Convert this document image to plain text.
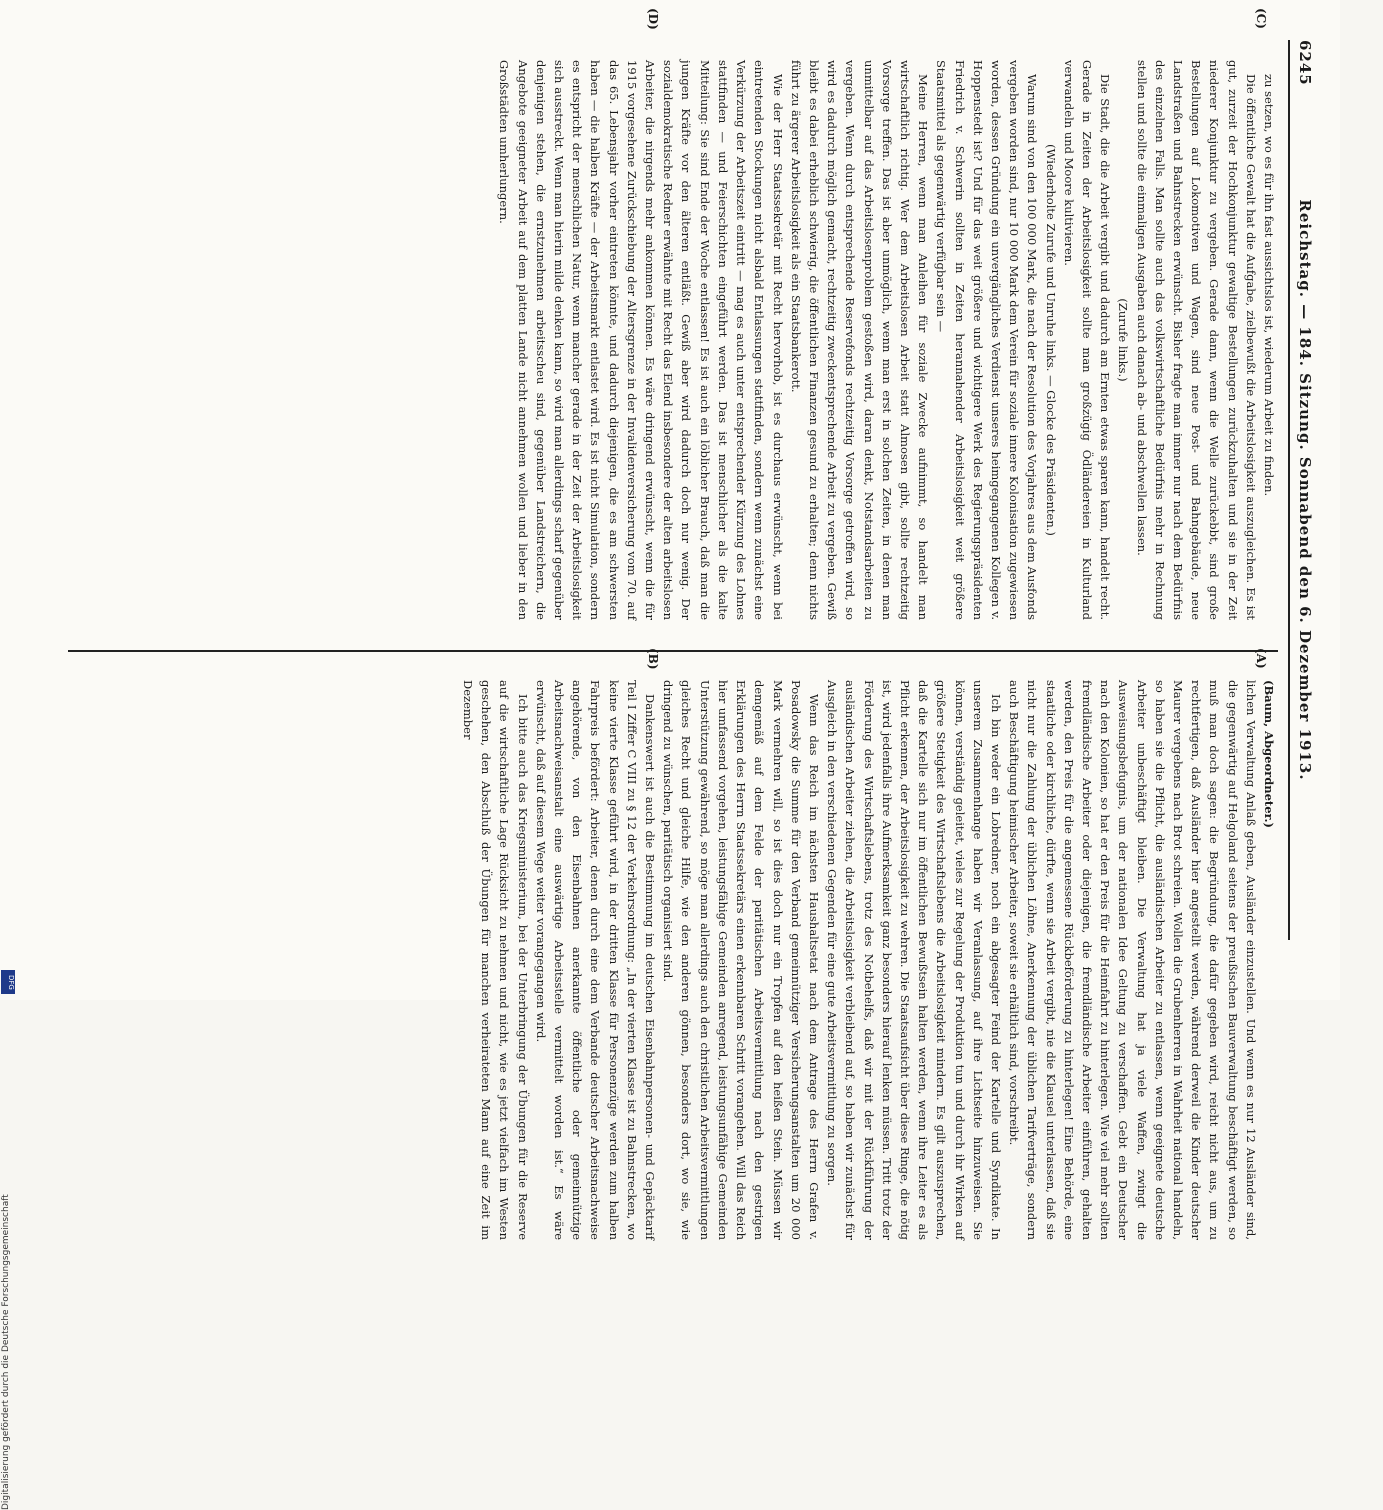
6245
Reichstag. — 184. Sitzung. Sonnabend den 6. Dezember 1913.

zu setzen, wo es für ihn fast aussichtslos ist, wiederum Arbeit zu finden.

Die öffentliche Gewalt hat die Aufgabe, zielbewußt die Arbeitslosigkeit auszugleichen. Es ist gut, zurzeit der Hochkonjunktur gewaltige Bestellungen zurückzuhalten und sie in der Zeit niederer Konjunktur zu vergeben. Gerade dann, wenn die Welle zurückebbt, sind große Bestellungen auf Lokomotiven und Wagen, sind neue Post- und Bahngebäude, neue Landstraßen und Bahnstrecken erwünscht. Bisher fragte man immer nur nach dem Bedürfnis des einzelnen Falls. Man sollte auch das volkswirtschaftliche Bedürfnis mehr in Rechnung stellen und sollte die einmaligen Ausgaben auch danach ab- und abschwellen lassen.

(Zurufe links.)

Die Stadt, die die Arbeit vergibt und dadurch am Ernten etwas sparen kann, handelt recht. Gerade in Zeiten der Arbeitslosigkeit sollte man großzügig Ödländereien in Kulturland verwandeln und Moore kultivieren.

(Wiederholte Zurufe und Unruhe links. — Glocke des Präsidenten.)

Warum sind von den 100 000 Mark, die nach der Resolution des Vorjahres aus dem Ausfonds vergeben worden sind, nur 10 000 Mark dem Verein für soziale innere Kolonisation zugewiesen worden, dessen Gründung ein unvergängliches Verdienst unseres heimgegangenen Kollegen v. Hoppenstedt ist? Und für das weit größere und wichtigere Werk des Regierungspräsidenten Friedrich v. Schwerin sollten in Zeiten herannahender Arbeitslosigkeit weit größere Staatsmittel als gegenwärtig verfügbar sein —

Meine Herren, wenn man Anleihen für soziale Zwecke aufnimmt, so handelt man wirtschaftlich richtig. Wer dem Arbeitslosen Arbeit statt Almosen gibt, sollte rechtzeitig Vorsorge treffen. Das ist aber unmöglich, wenn man erst in solchen Zeiten, in denen man unmittelbar auf das Arbeitslosenproblem gestoßen wird, daran denkt, Notstandsarbeiten zu vergeben. Wenn durch entsprechende Reservefonds rechtzeitig Vorsorge getroffen wird, so wird es dadurch möglich gemacht, rechtzeitig zweckentsprechende Arbeit zu vergeben. Gewiß bleibt es dabei erheblich schwierig, die öffentlichen Finanzen gesund zu erhalten; denn nichts führt zu ärgerer Arbeitslosigkeit als ein Staatsbankerott.

Wie der Herr Staatssekretär mit Recht hervorhob, ist es durchaus erwünscht, wenn bei eintretenden Stockungen nicht alsbald Entlassungen stattfinden, sondern wenn zunächst eine Verkürzung der Arbeitszeit eintritt — mag es auch unter entsprechender Kürzung des Lohnes stattfinden — und Feierschichten eingeführt werden. Das ist menschlicher als die kalte Mitteilung: Sie sind Ende der Woche entlassen! Es ist auch ein löblicher Brauch, daß man die jungen Kräfte vor den älteren entläßt. Gewiß aber wird dadurch doch nur wenig. Der sozialdemokratische Redner erwähnte mit Recht das Elend insbesondere der alten arbeitslosen Arbeiter, die nirgends mehr ankommen können. Es wäre dringend erwünscht, wenn die für 1915 vorgesehene Zurückschiebung der Altersgrenze in der Invalidenversicherung vom 70. auf das 65. Lebensjahr vorher eintreten könnte, und dadurch diejenigen, die es am schwersten haben — die halben Kräfte — der Arbeitsmarkt entlastet wird. Es ist nicht Simulation, sondern es entspricht der menschlichen Natur, wenn mancher gerade in der Zeit der Arbeitslosigkeit sich ausstreckt. Wenn man hierin milde denken kann, so wird man allerdings scharf gegenüber denjenigen stehen, die ernstzunehmen arbeitsscheu sind, gegenüber Landstreichern, die Angebote geeigneter Arbeit auf dem platten Lande nicht annehmen wollen und lieber in den Großstädten umherlungern.

(Baum, Abgeordneter.)

lichen Verwaltung Anlaß geben, Ausländer einzustellen. Und wenn es nur 12 Ausländer sind, die gegenwärtig auf Helgoland seitens der preußischen Bauverwaltung beschäftigt werden, so muß man doch sagen: die Begründung, die dafür gegeben wird, reicht nicht aus, um zu rechtfertigen, daß Ausländer hier angestellt werden, während derweil die Kinder deutscher Maurer vergebens nach Brot schreien. Wollen die Grubenherren in Wahrheit national handeln, so haben sie die Pflicht, die ausländischen Arbeiter zu entlassen, wenn geeignete deutsche Arbeiter unbeschäftigt bleiben. Die Verwaltung hat ja viele Waffen, zwingt die Ausweisungsbefugnis, um der nationalen Idee Geltung zu verschaffen. Gebt ein Deutscher nach den Kolonien, so hat er den Preis für die Heimfahrt zu hinterlegen. Wie viel mehr sollten fremdländische Arbeiter oder diejenigen, die fremdländische Arbeiter einführen, gehalten werden, den Preis für die angemessene Rückbeförderung zu hinterlegen! Eine Behörde, eine staatliche oder kirchliche, dürfte, wenn sie Arbeit vergibt, nie die Klausel unterlassen, daß sie nicht nur die Zahlung der üblichen Löhne, Anerkennung der üblichen Tarifverträge, sondern auch Beschäftigung heimischer Arbeiter, soweit sie erhältlich sind, vorschreibt.

Ich bin weder ein Lobredner, noch ein abgesagter Feind der Kartelle und Syndikate. In unserem Zusammenhange haben wir Veranlassung, auf ihre Lichtseite hinzuweisen. Sie können, verständig geleitet, vieles zur Regelung der Produktion tun und durch ihr Wirken auf größere Stetigkeit des Wirtschaftslebens die Arbeitslosigkeit mindern. Es gilt auszusprechen, daß die Kartelle sich nur im öffentlichen Bewußtsein halten werden, wenn ihre Leiter es als Pflicht erkennen, der Arbeitslosigkeit zu wehren. Die Staatsaufsicht über diese Ringe, die nötig ist, wird jedenfalls ihre Aufmerksamkeit ganz besonders hierauf lenken müssen. Tritt trotz der Förderung des Wirtschaftslebens, trotz des Notbehelfs, daß wir mit der Rückführung der ausländischen Arbeiter ziehen, die Arbeitslosigkeit verbleibend auf, so haben wir zunächst für Ausgleich in den verschiedenen Gegenden für eine gute Arbeitsvermittlung zu sorgen.

Wenn das Reich im nächsten Haushaltsetat nach dem Antrage des Herrn Grafen v. Posadowsky die Summe für den Verband gemeinnütziger Versicherungsanstalten um 20 000 Mark vermehren will, so ist dies doch nur ein Tropfen auf den heißen Stein. Müssen wir demgemäß auf dem Felde der paritätischen Arbeitsvermittlung nach den gestrigen Erklärungen des Herrn Staatssekretärs einen erkennbaren Schritt vorangehen. Will das Reich hier umfassend vorgehen, leistungsfähige Gemeinden anregend, leistungsunfähige Gemeinden Unterstützung gewährend, so möge man allerdings auch den christlichen Arbeitsvermittlungen gleiches Recht und gleiche Hilfe, wie den anderen gönnen, besonders dort, wo sie, wie dringend zu wünschen, paritätisch organisiert sind.

Dankenswert ist auch die Bestimmung im deutschen Eisenbahnpersonen- und Gepäcktarif Teil I Ziffer C VIII zu § 12 der Verkehrsordnung: „In der vierten Klasse ist zu Bahnstrecken, wo keine vierte Klasse geführt wird, in der dritten Klasse für Personenzüge werden zum halben Fahrpreis befördert: Arbeiter, denen durch eine dem Verbande deutscher Arbeitsnachweise angehörende, von den Eisenbahnen anerkannte öffentliche oder gemeinnützige Arbeitsnachweisanstalt eine auswärtige Arbeitsstelle vermittelt worden ist.“ Es wäre erwünscht, daß auf diesem Wege weiter vorangegangen wird.

Ich bitte auch das Kriegsministerium, bei der Unterbringung der Übungen für die Reserve auf die wirtschaftliche Lage Rücksicht zu nehmen und nicht, wie es jetzt vielfach im Westen geschehen, den Abschluß der Übungen für manchen verheirateten Mann auf eine Zeit im Dezember

(A)
(B)
(C)
(D)
Digitalisierung gefördert durch die Deutsche Forschungsgemeinschaft
DFG
